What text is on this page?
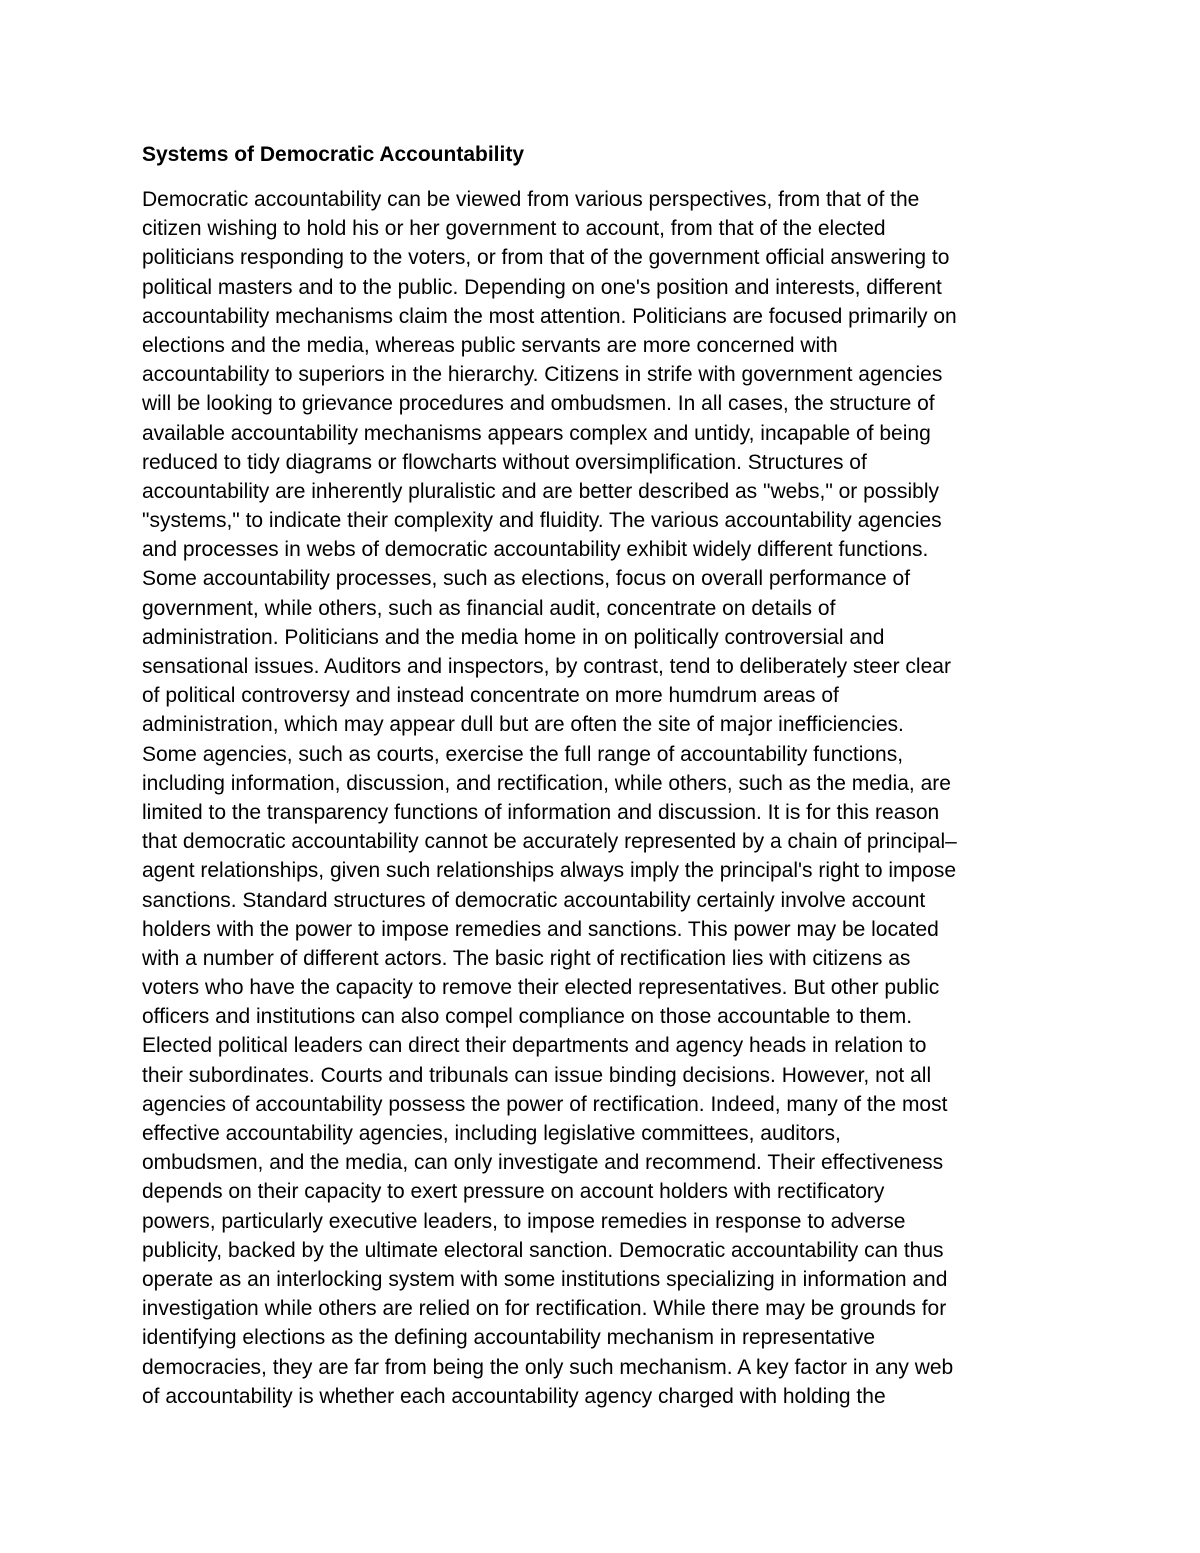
Systems of Democratic Accountability
Democratic accountability can be viewed from various perspectives, from that of the
citizen wishing to hold his or her government to account, from that of the elected
politicians responding to the voters, or from that of the government official answering to
political masters and to the public. Depending on one's position and interests, different
accountability mechanisms claim the most attention. Politicians are focused primarily on
elections and the media, whereas public servants are more concerned with
accountability to superiors in the hierarchy. Citizens in strife with government agencies
will be looking to grievance procedures and ombudsmen. In all cases, the structure of
available accountability mechanisms appears complex and untidy, incapable of being
reduced to tidy diagrams or flowcharts without oversimplification. Structures of
accountability are inherently pluralistic and are better described as "webs," or possibly
"systems," to indicate their complexity and fluidity. The various accountability agencies
and processes in webs of democratic accountability exhibit widely different functions.
Some accountability processes, such as elections, focus on overall performance of
government, while others, such as financial audit, concentrate on details of
administration. Politicians and the media home in on politically controversial and
sensational issues. Auditors and inspectors, by contrast, tend to deliberately steer clear
of political controversy and instead concentrate on more humdrum areas of
administration, which may appear dull but are often the site of major inefficiencies.
Some agencies, such as courts, exercise the full range of accountability functions,
including information, discussion, and rectification, while others, such as the media, are
limited to the transparency functions of information and discussion. It is for this reason
that democratic accountability cannot be accurately represented by a chain of principal–
agent relationships, given such relationships always imply the principal's right to impose
sanctions. Standard structures of democratic accountability certainly involve account
holders with the power to impose remedies and sanctions. This power may be located
with a number of different actors. The basic right of rectification lies with citizens as
voters who have the capacity to remove their elected representatives. But other public
officers and institutions can also compel compliance on those accountable to them.
Elected political leaders can direct their departments and agency heads in relation to
their subordinates. Courts and tribunals can issue binding decisions. However, not all
agencies of accountability possess the power of rectification. Indeed, many of the most
effective accountability agencies, including legislative committees, auditors,
ombudsmen, and the media, can only investigate and recommend. Their effectiveness
depends on their capacity to exert pressure on account holders with rectificatory
powers, particularly executive leaders, to impose remedies in response to adverse
publicity, backed by the ultimate electoral sanction. Democratic accountability can thus
operate as an interlocking system with some institutions specializing in information and
investigation while others are relied on for rectification. While there may be grounds for
identifying elections as the defining accountability mechanism in representative
democracies, they are far from being the only such mechanism. A key factor in any web
of accountability is whether each accountability agency charged with holding the
